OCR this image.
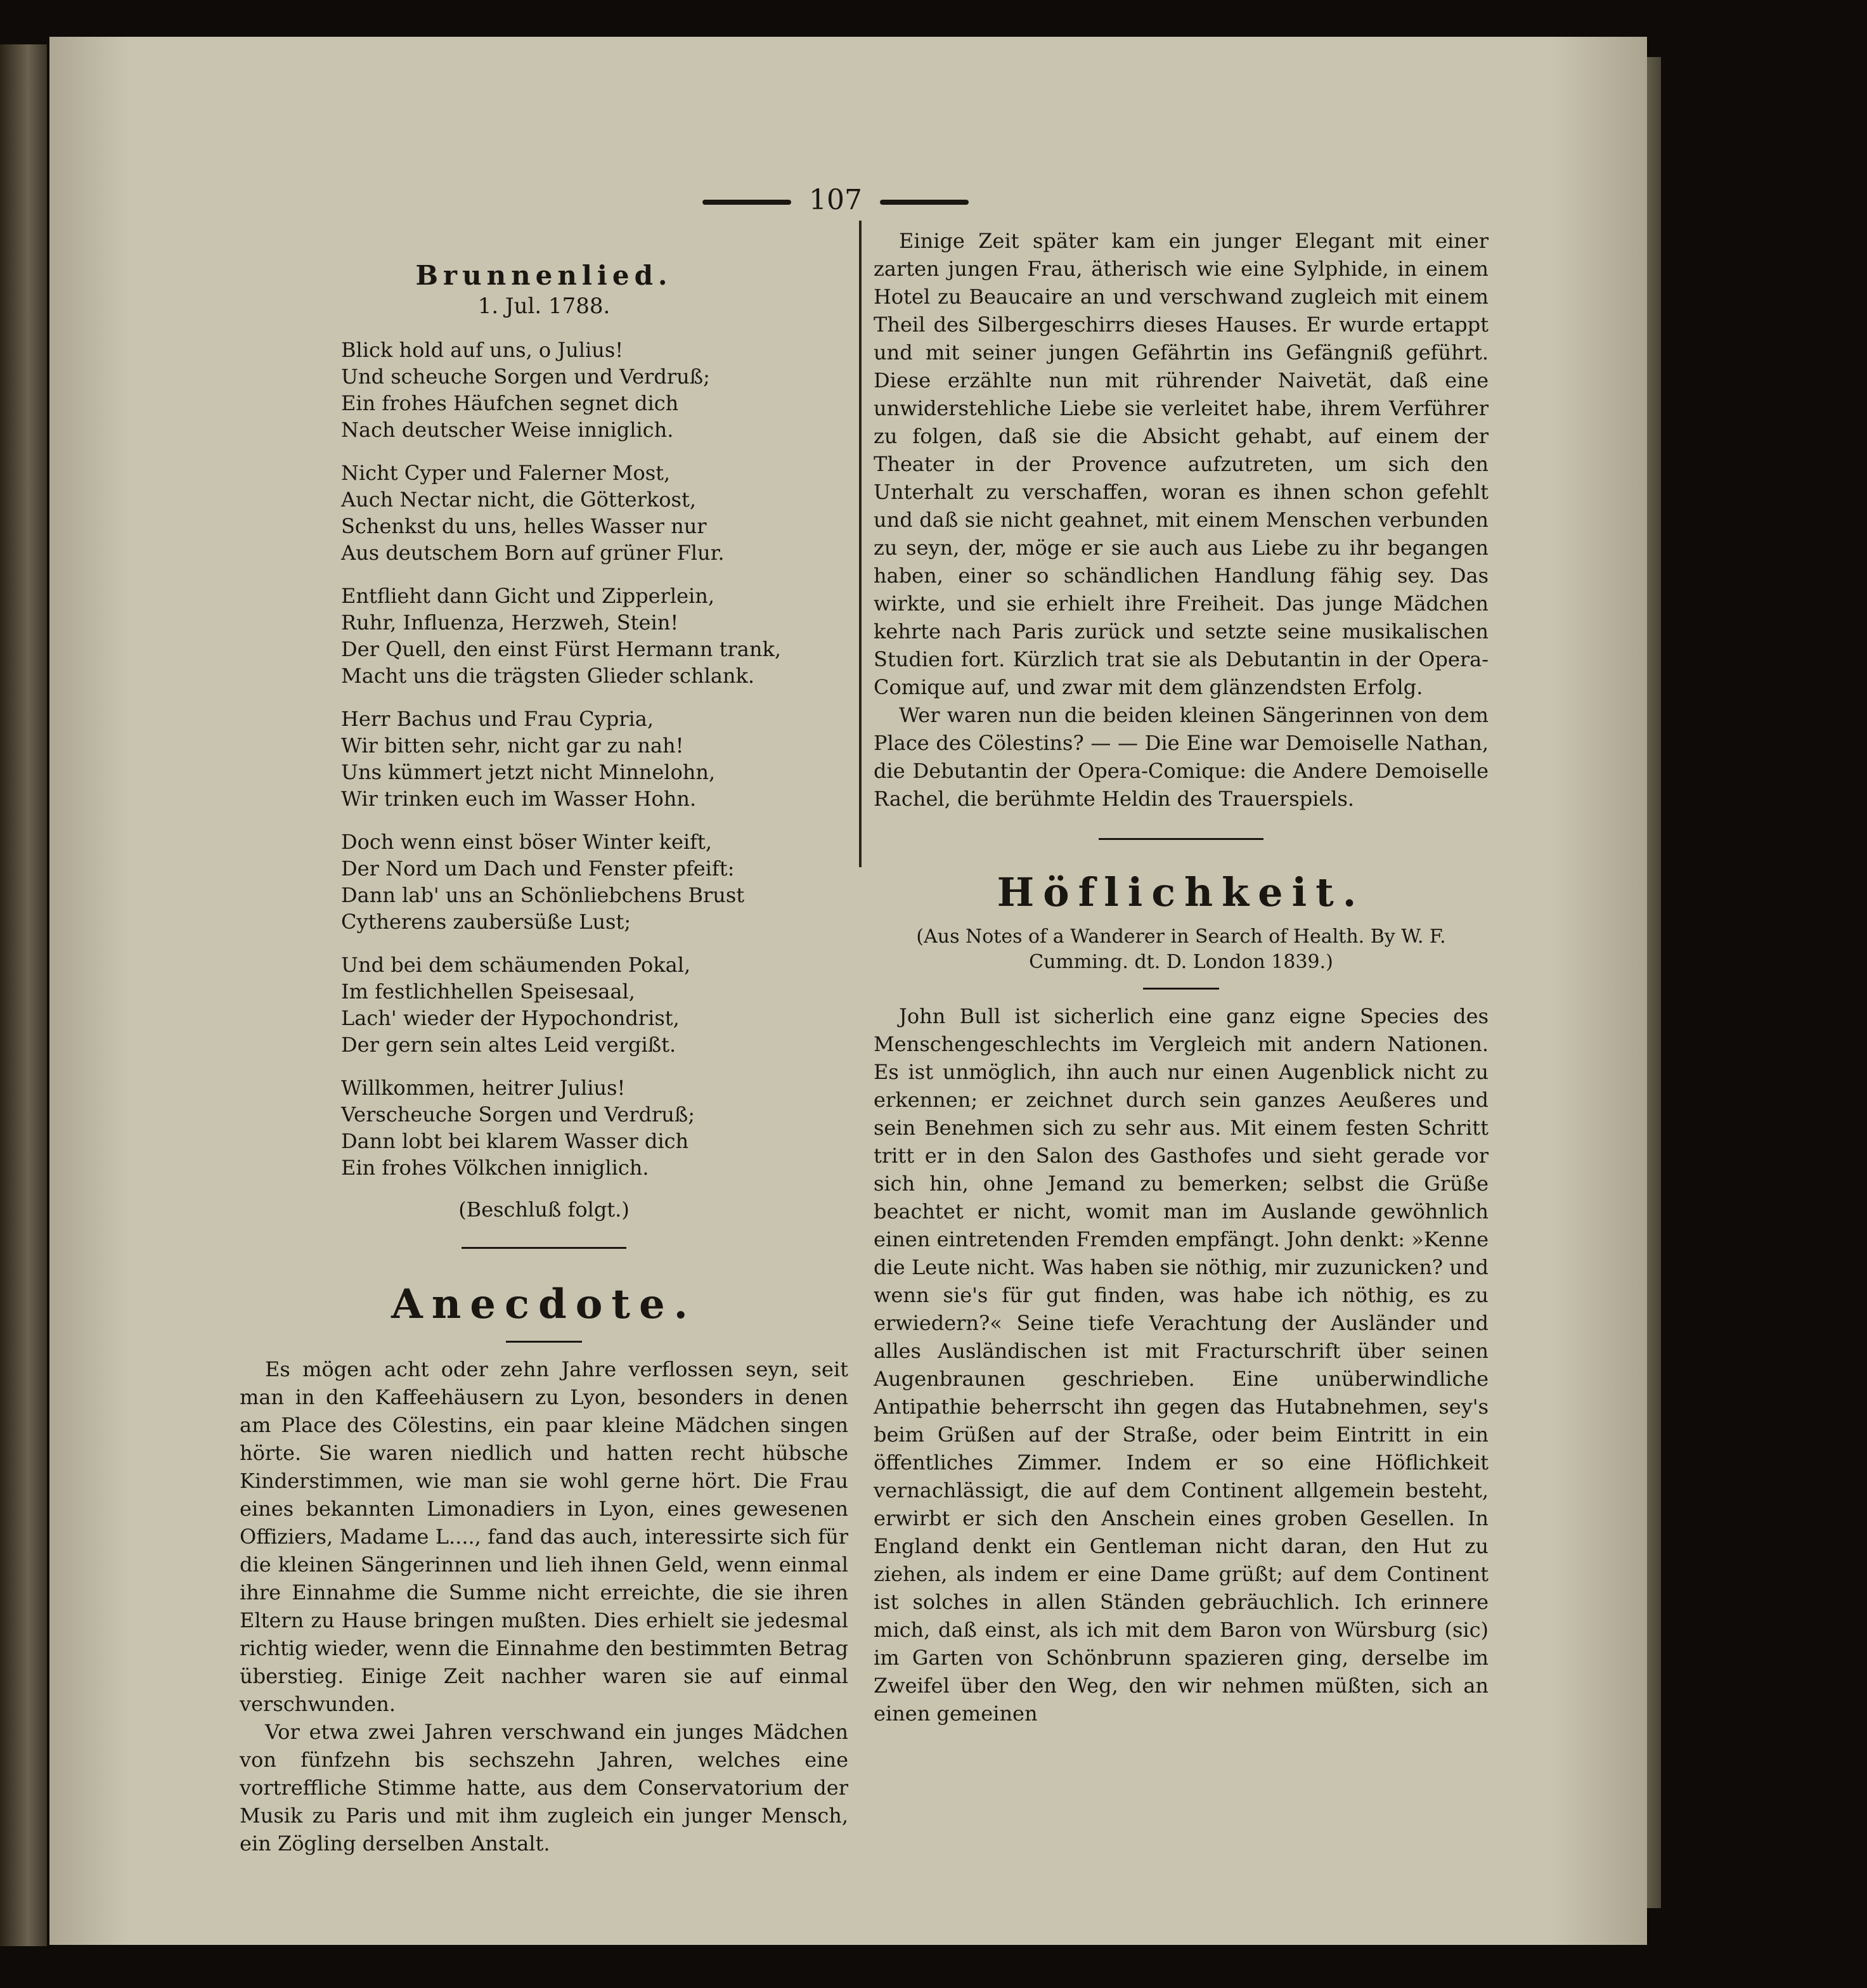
107
Brunnenlied.
1. Jul. 1788.
Blick hold auf uns, o Julius!
Und scheuche Sorgen und Verdruß;
Ein frohes Häufchen segnet dich
Nach deutscher Weise inniglich.
Nicht Cyper und Falerner Most,
Auch Nectar nicht, die Götterkost,
Schenkst du uns, helles Wasser nur
Aus deutschem Born auf grüner Flur.
Entflieht dann Gicht und Zipperlein,
Ruhr, Influenza, Herzweh, Stein!
Der Quell, den einst Fürst Hermann trank,
Macht uns die trägsten Glieder schlank.
Herr Bachus und Frau Cypria,
Wir bitten sehr, nicht gar zu nah!
Uns kümmert jetzt nicht Minnelohn,
Wir trinken euch im Wasser Hohn.
Doch wenn einst böser Winter keift,
Der Nord um Dach und Fenster pfeift:
Dann lab' uns an Schönliebchens Brust
Cytherens zaubersüße Lust;
Und bei dem schäumenden Pokal,
Im festlichhellen Speisesaal,
Lach' wieder der Hypochondrist,
Der gern sein altes Leid vergißt.
Willkommen, heitrer Julius!
Verscheuche Sorgen und Verdruß;
Dann lobt bei klarem Wasser dich
Ein frohes Völkchen inniglich.
(Beschluß folgt.)
Anecdote.

Es mögen acht oder zehn Jahre verflossen seyn, seit man in den Kaffeehäusern zu Lyon, besonders in denen am Place des Cölestins, ein paar kleine Mädchen singen hörte. Sie waren niedlich und hatten recht hübsche Kinderstimmen, wie man sie wohl gerne hört. Die Frau eines bekannten Limonadiers in Lyon, eines gewesenen Offiziers, Madame L...., fand das auch, interessirte sich für die kleinen Sängerinnen und lieh ihnen Geld, wenn einmal ihre Einnahme die Summe nicht erreichte, die sie ihren Eltern zu Hause bringen mußten. Dies erhielt sie jedesmal richtig wieder, wenn die Einnahme den bestimmten Betrag überstieg. Einige Zeit nachher waren sie auf einmal verschwunden.

Vor etwa zwei Jahren verschwand ein junges Mädchen von fünfzehn bis sechszehn Jahren, welches eine vortreffliche Stimme hatte, aus dem Conservatorium der Musik zu Paris und mit ihm zugleich ein junger Mensch, ein Zögling derselben Anstalt.

Einige Zeit später kam ein junger Elegant mit einer zarten jungen Frau, ätherisch wie eine Sylphide, in einem Hotel zu Beaucaire an und verschwand zugleich mit einem Theil des Silbergeschirrs dieses Hauses. Er wurde ertappt und mit seiner jungen Gefährtin ins Gefängniß geführt. Diese erzählte nun mit rührender Naivetät, daß eine unwiderstehliche Liebe sie verleitet habe, ihrem Verführer zu folgen, daß sie die Absicht gehabt, auf einem der Theater in der Provence aufzutreten, um sich den Unterhalt zu verschaffen, woran es ihnen schon gefehlt und daß sie nicht geahnet, mit einem Menschen verbunden zu seyn, der, möge er sie auch aus Liebe zu ihr begangen haben, einer so schändlichen Handlung fähig sey. Das wirkte, und sie erhielt ihre Freiheit. Das junge Mädchen kehrte nach Paris zurück und setzte seine musikalischen Studien fort. Kürzlich trat sie als Debutantin in der Opera-Comique auf, und zwar mit dem glänzendsten Erfolg.

Wer waren nun die beiden kleinen Sängerinnen von dem Place des Cölestins? — — Die Eine war Demoiselle Nathan, die Debutantin der Opera-Comique: die Andere Demoiselle Rachel, die berühmte Heldin des Trauerspiels.

Höflichkeit.
(Aus Notes of a Wanderer in Search of Health. By W. F. Cumming. dt. D. London 1839.)

John Bull ist sicherlich eine ganz eigne Species des Menschengeschlechts im Vergleich mit andern Nationen. Es ist unmöglich, ihn auch nur einen Augenblick nicht zu erkennen; er zeichnet durch sein ganzes Aeußeres und sein Benehmen sich zu sehr aus. Mit einem festen Schritt tritt er in den Salon des Gasthofes und sieht gerade vor sich hin, ohne Jemand zu bemerken; selbst die Grüße beachtet er nicht, womit man im Auslande gewöhnlich einen eintretenden Fremden empfängt. John denkt: »Kenne die Leute nicht. Was haben sie nöthig, mir zuzunicken? und wenn sie's für gut finden, was habe ich nöthig, es zu erwiedern?« Seine tiefe Verachtung der Ausländer und alles Ausländischen ist mit Fracturschrift über seinen Augenbraunen geschrieben. Eine unüberwindliche Antipathie beherrscht ihn gegen das Hutabnehmen, sey's beim Grüßen auf der Straße, oder beim Eintritt in ein öffentliches Zimmer. Indem er so eine Höflichkeit vernachlässigt, die auf dem Continent allgemein besteht, erwirbt er sich den Anschein eines groben Gesellen. In England denkt ein Gentleman nicht daran, den Hut zu ziehen, als indem er eine Dame grüßt; auf dem Continent ist solches in allen Ständen gebräuchlich. Ich erinnere mich, daß einst, als ich mit dem Baron von Würsburg (sic) im Garten von Schönbrunn spazieren ging, derselbe im Zweifel über den Weg, den wir nehmen müßten, sich an einen gemeinen
